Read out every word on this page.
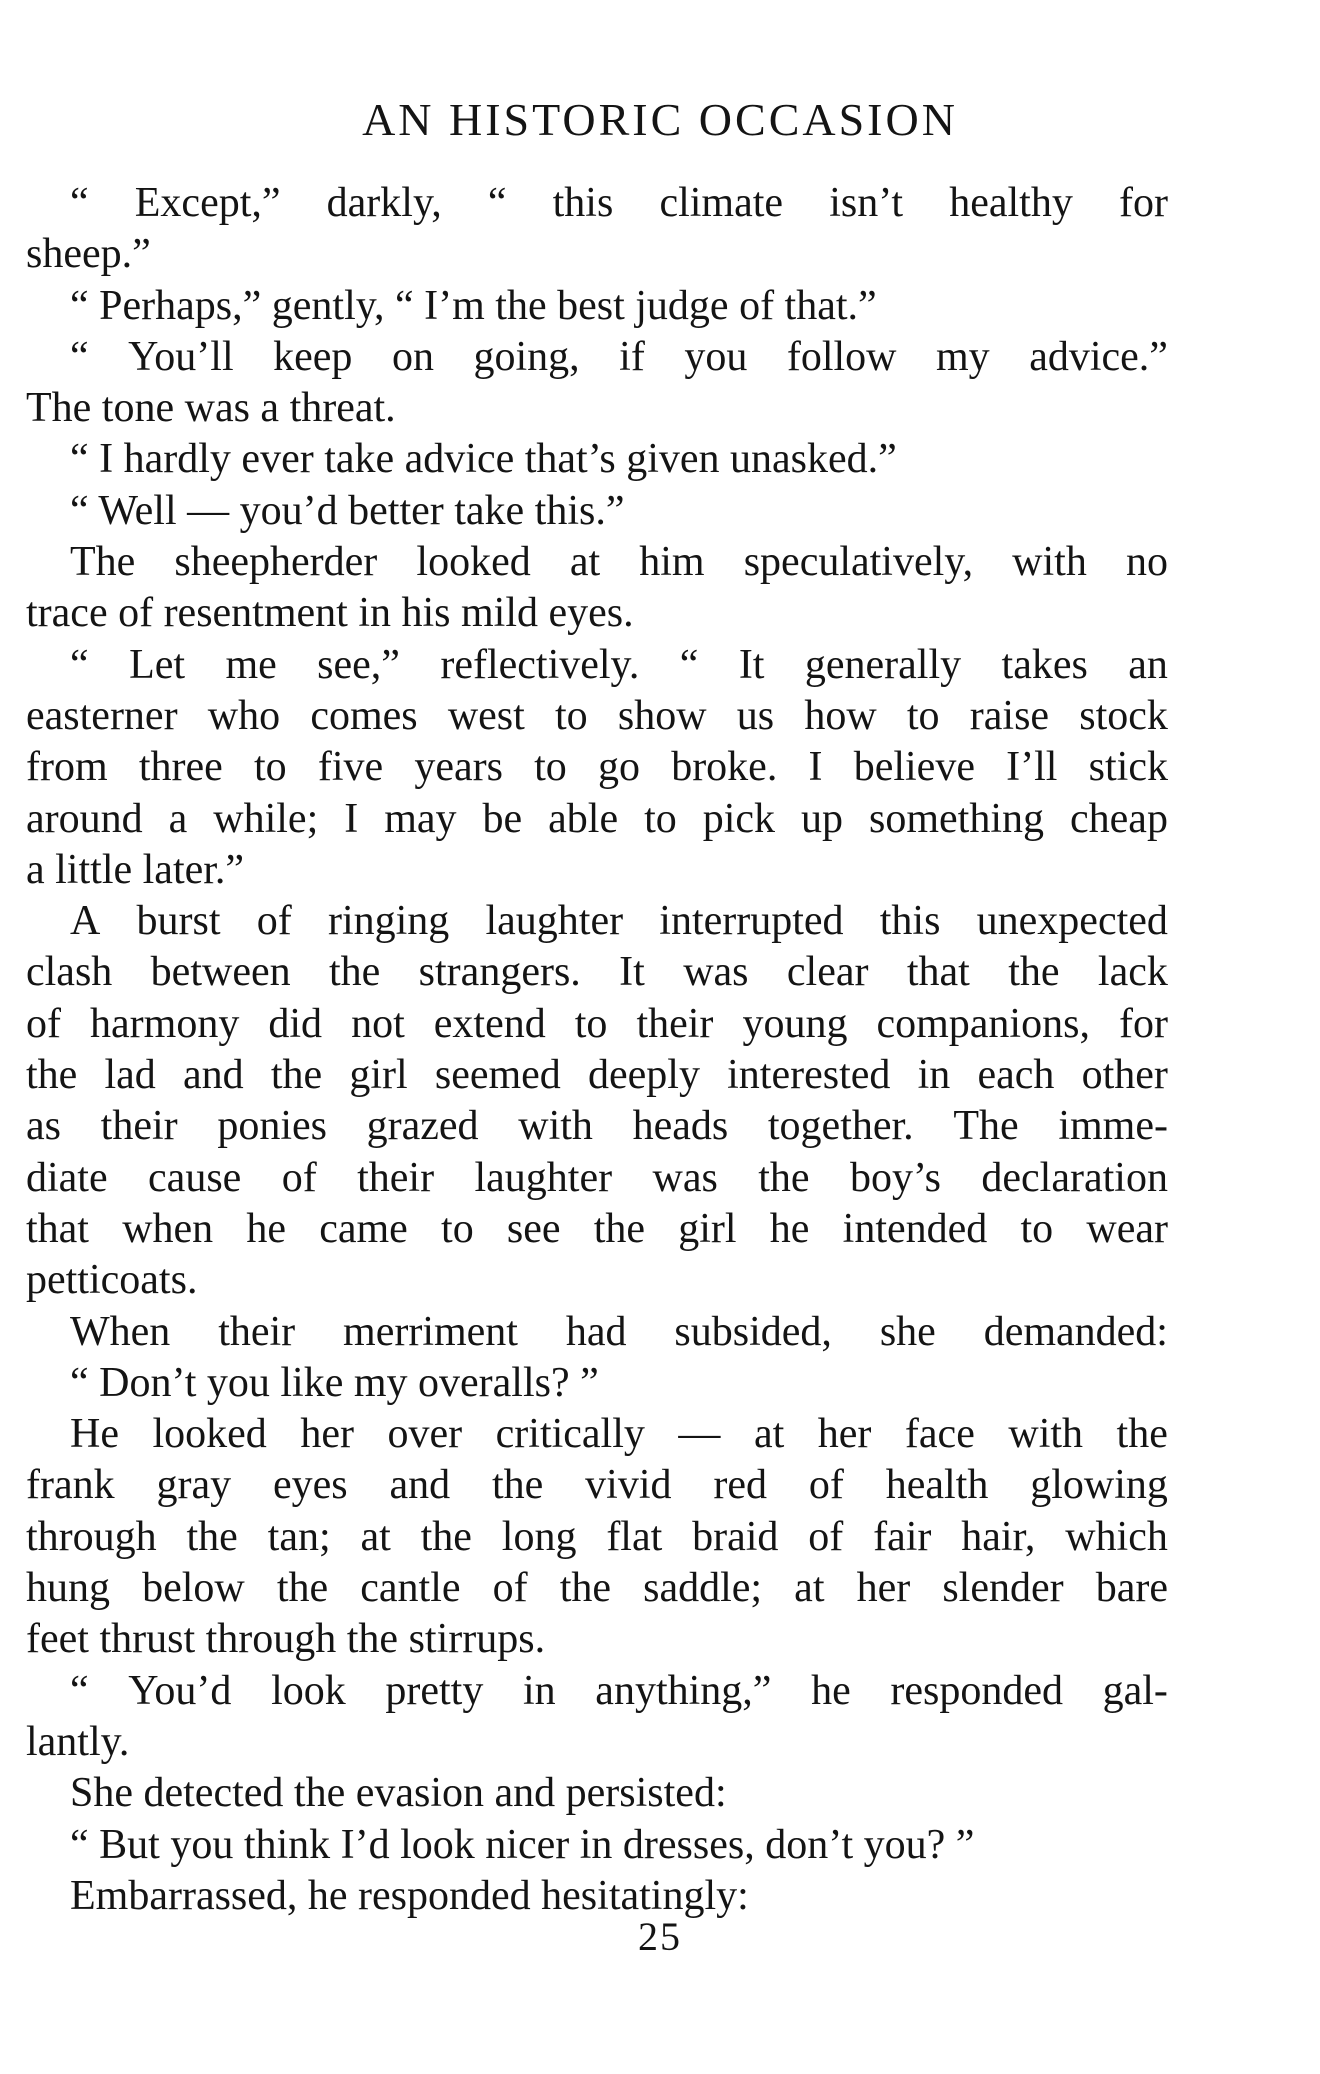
AN HISTORIC OCCASION
“ Except,” darkly, “ this climate isn’t healthy for
sheep.”
“ Perhaps,” gently, “ I’m the best judge of that.”
“ You’ll keep on going, if you follow my advice.”
The tone was a threat.
“ I hardly ever take advice that’s given unasked.”
“ Well — you’d better take this.”
The sheepherder looked at him speculatively, with no
trace of resentment in his mild eyes.
“ Let me see,” reflectively. “ It generally takes an
easterner who comes west to show us how to raise stock
from three to five years to go broke. I believe I’ll stick
around a while; I may be able to pick up something cheap
a little later.”
A burst of ringing laughter interrupted this unexpected
clash between the strangers. It was clear that the lack
of harmony did not extend to their young companions, for
the lad and the girl seemed deeply interested in each other
as their ponies grazed with heads together. The imme-
diate cause of their laughter was the boy’s declaration
that when he came to see the girl he intended to wear
petticoats.
When their merriment had subsided, she demanded:
“ Don’t you like my overalls? ”
He looked her over critically — at her face with the
frank gray eyes and the vivid red of health glowing
through the tan; at the long flat braid of fair hair, which
hung below the cantle of the saddle; at her slender bare
feet thrust through the stirrups.
“ You’d look pretty in anything,” he responded gal-
lantly.
She detected the evasion and persisted:
“ But you think I’d look nicer in dresses, don’t you? ”
Embarrassed, he responded hesitatingly:
25
